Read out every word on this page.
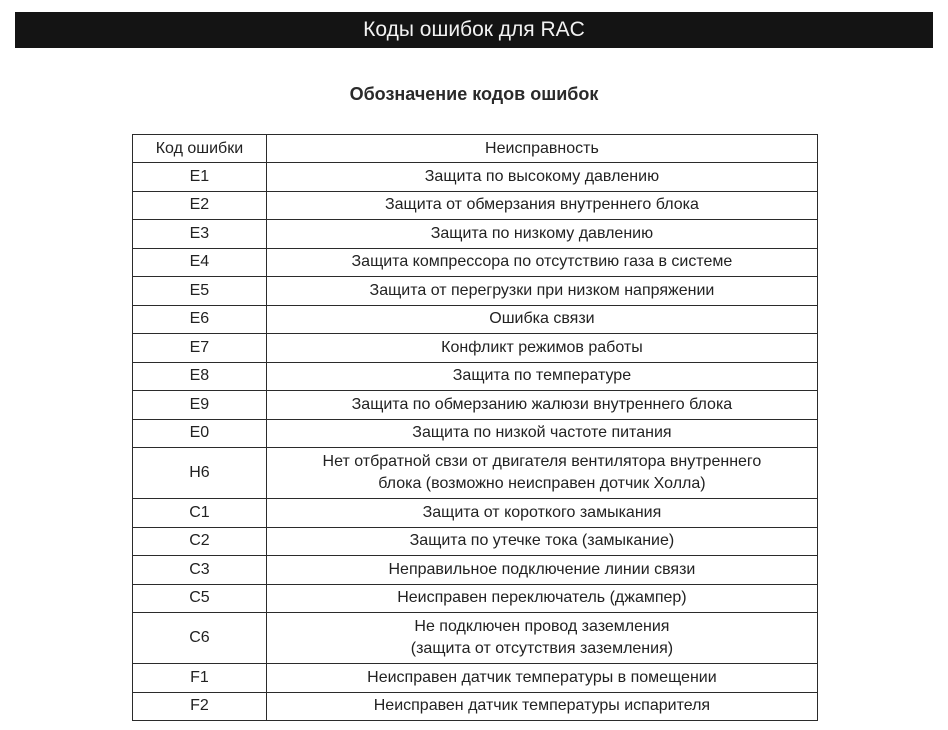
Коды ошибок для RAC
Обозначение кодов ошибок
Код ошибки	Неисправность
E1	Защита по высокому давлению

E2	Защита от обмерзания внутреннего блока

E3	Защита по низкому давлению

E4	Защита компрессора по отсутствию газа в системе

E5	Защита от перегрузки при низком напряжении

E6	Ошибка связи

E7	Конфликт режимов работы

E8	Защита по температуре

E9	Защита по обмерзанию жалюзи внутреннего блока

E0	Защита по низкой частоте питания

H6	Нет отбратной свзи от двигателя вентилятора внутреннего
блока (возможно неисправен дотчик Холла)

C1	Защита от короткого замыкания

C2	Защита по утечке тока (замыкание)

C3	Неправильное подключение линии связи

C5	Неисправен переключатель (джампер)

C6	Не подключен провод заземления
(защита от отсутствия заземления)

F1	Неисправен датчик температуры в помещении

F2	Неисправен датчик температуры испарителя
